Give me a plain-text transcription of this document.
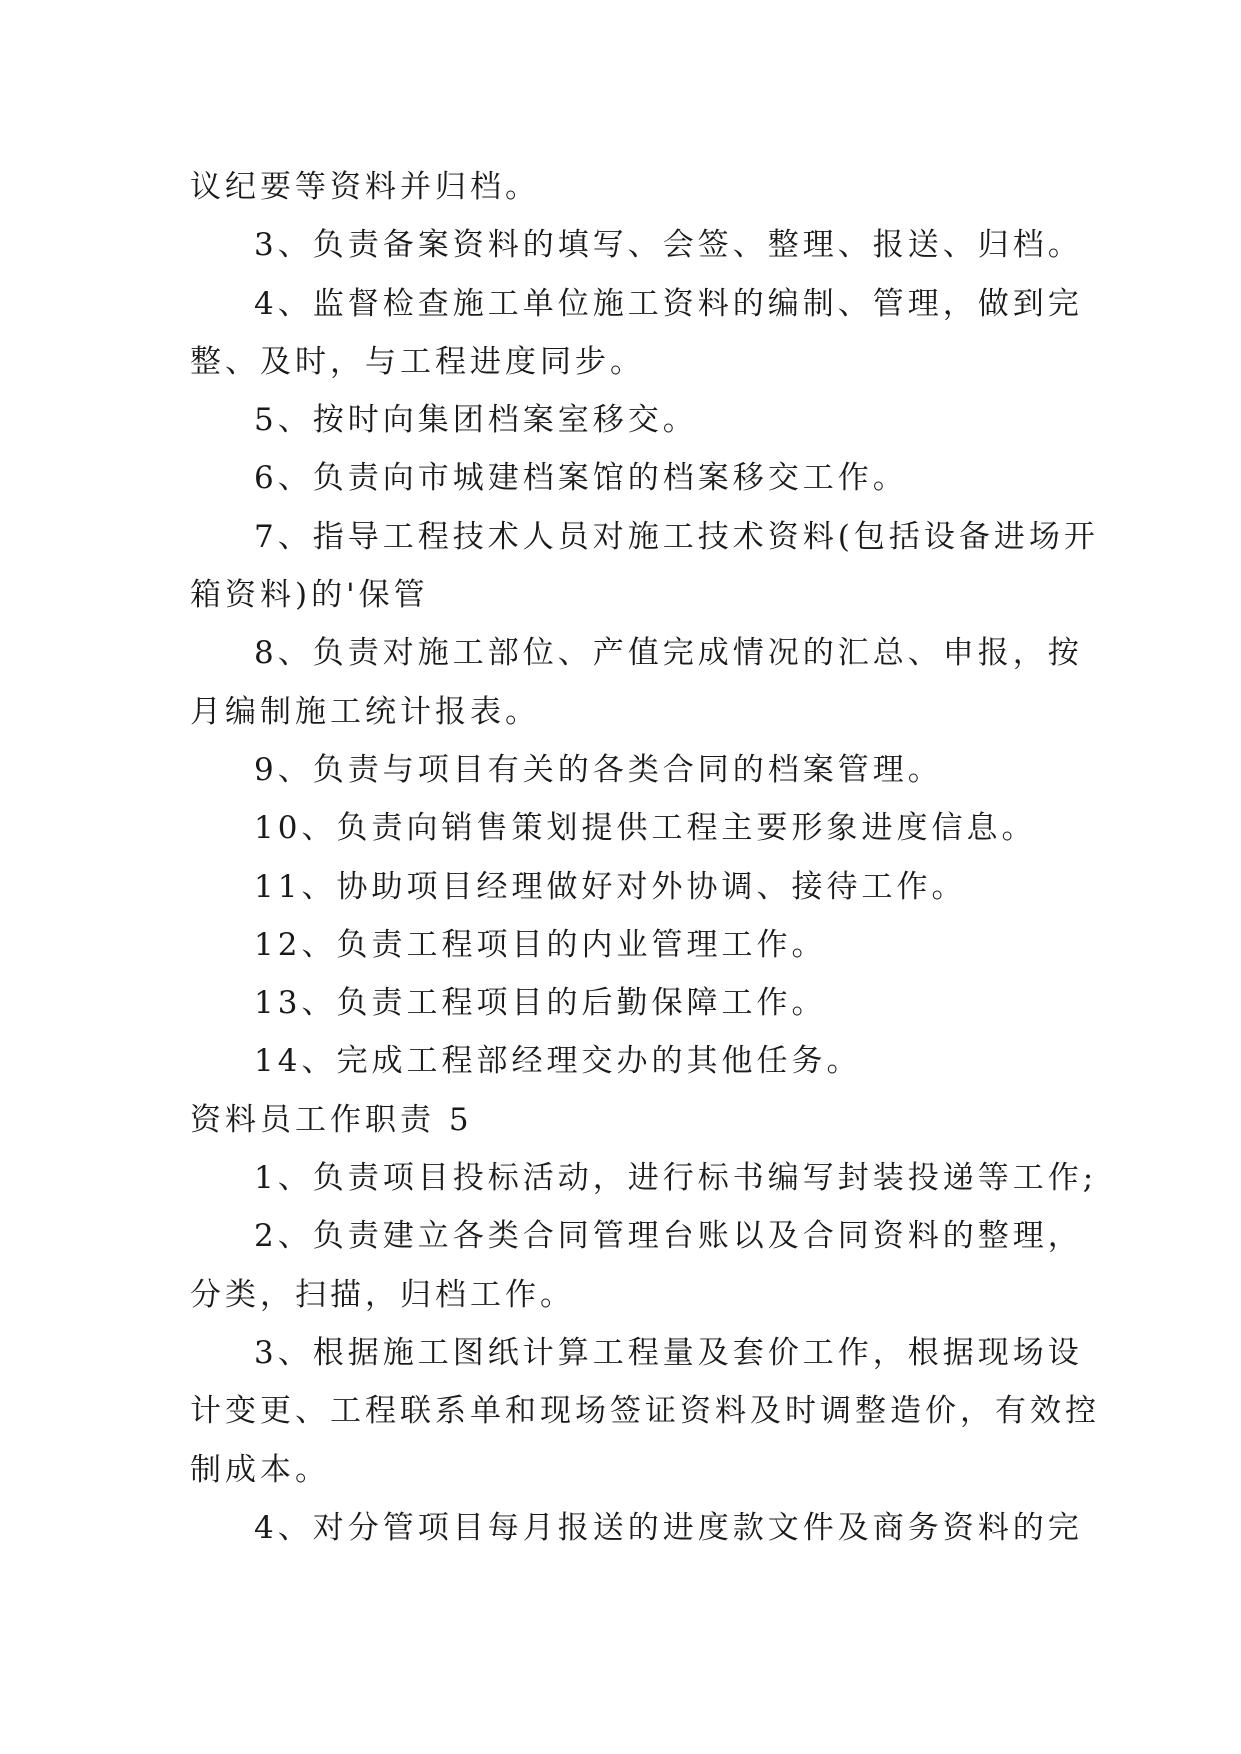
议纪要等资料并归档。

3、负责备案资料的填写、会签、整理、报送、归档。

4、监督检查施工单位施工资料的编制、管理，做到完

整、及时，与工程进度同步。

5、按时向集团档案室移交。

6、负责向市城建档案馆的档案移交工作。

7、指导工程技术人员对施工技术资料(包括设备进场开

箱资料)的'保管

8、负责对施工部位、产值完成情况的汇总、申报，按

月编制施工统计报表。

9、负责与项目有关的各类合同的档案管理。

10、负责向销售策划提供工程主要形象进度信息。

11、协助项目经理做好对外协调、接待工作。

12、负责工程项目的内业管理工作。

13、负责工程项目的后勤保障工作。

14、完成工程部经理交办的其他任务。

资料员工作职责 5

1、负责项目投标活动，进行标书编写封装投递等工作;

2、负责建立各类合同管理台账以及合同资料的整理，

分类，扫描，归档工作。

3、根据施工图纸计算工程量及套价工作，根据现场设

计变更、工程联系单和现场签证资料及时调整造价，有效控

制成本。

4、对分管项目每月报送的进度款文件及商务资料的完
